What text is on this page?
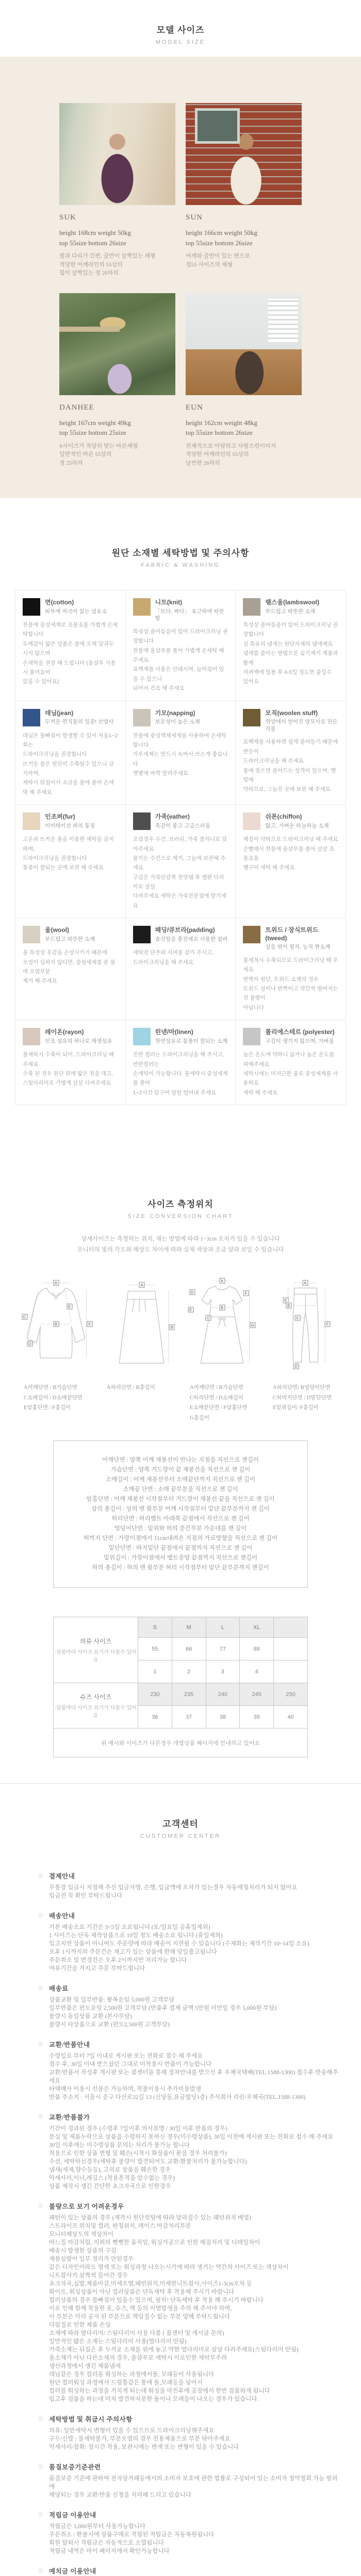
모델 사이즈
MODEL SIZE
SUK
height 168cm weight 50kg
top 55size bottom 26size
팔과 다리가 긴편, 골반이 살짝있는 체형
적당한 어깨라인의 55상의
힙이 살짝있는 정 26하의
SUN
height 166cm weight 50kg
top 55size bottom 26size
어깨와 골반이 있는 편으로
정55 사이즈의 체형
DANHEE
height 167cm weight 49kg
top 55size bottom 25size
S사이즈가 적당히 맞는 마른체형
일반적인 마른 55상의
정 25하의
EUN
height 162cm weight 48kg
top 55size bottom 26size
전체적으로 아담하고 사랑스런이미지
적당한 어깨라인의 55상의
날씬한 26하의
원단 소재별 세탁방법 및 주의사항
FABRIC & WASHING
면(cotton)
피부에 자극이 없는 섬유소
찬물에 중성세제로 조물조물 가볍게 손세탁합니다
두께감이 얇은 상품은 물에 오래 담궈두시지 않으며
손세탁을 권장 해 드립니다 (울샴푸 사용시 풀어듬이
있을 수 있어요)
니트(knit)
「뜨다, 짜다」 포근하며 따뜻함
특성상 줄어듬음이 있어 드라이크리닝 권장합니다
찬물에 울샴푸를 풀어 가볍게 손세탁 해주세요.
표백제를 사용은 안돼시며, 늘어짐이 있을 수 있으니
뉘어서 건조 해 주세요
램스울(lambswool)
부드럽고 따뜻한 소재
특성상 줄어듬음이 있어 드라이크리닝 권장합니다
실 특유의 냄새는 원단자체의 냄새예요
냄새를 줄이는 방법으론 습기제거 제품과 함께
지퍼백에 밀봉 후 4-5일 정도면 줄일수 있어요
데님(jean)
두꺼운 면직물의 일종! 선염사
데님은 물빠짐이 발생할 수 있어 처음1~2회는
드라이크리닝을 권장합니다
뜨거운 물은 원단이 수축될수 있으니 금지하며,
세탁시 뒤집어서 소금을 물에 풀어 손세탁 해 주세요
기모(napping)
보온성이 높은 소재
찬물에 중성액체세제를 사용하여 손세탁 합니다
가루세제는 반드시 녹여서 쓰는게 좋습니다
햇볕에 바짝 말려주세요
모직(woolen stuff)
면양에서 얻어진 양모사로 만든 직물
표백제를 사용하면 쉽게 줄어들기 때문에 반듯이
드라이크리닝을 해 주세요
물에 젖으면 줄어드는 성격이 있으며, 햇빛에
약하므로, 그늘진 곳에 보관 해 주세요
인조퍼(fur)
이미테이션 퍼의 통칭
고온과 뜨거운 물을 이용한 세탁을 금지하며,
드라이크리닝을 권장합니다
통풍이 잘되는 곳에 보관 해 주세요
가죽(eather)
촉감이 좋고 고급스러움
오염경우 수건, 브러쉬, 가죽 클리너로 닦아주세요
물기는 수건으로 제거, 그늘에 보관해 주세요
구김은 가죽안감쪽 천덧댐 후 엘판 다리미로 살살
다려주세요 세탁은 가죽전문점에 맡기세요
쉬폰(chiffon)
얇고, 가벼운 하늘하늘 소재
재질이 약하므로 드라이크리닝 해 주세요
손빨래시 찬물에 울샴푸를 풀어 살살 조물조물
헹구어 세탁 해 주세요
울(wool)
부드럽고 따뜻한 소재
울 특성상 옷감을 손상시키기 때문에
오염이 심하지 않다면, 중성세제를 푼 물에 오염부분
제거 해 주세요
패딩/큐브라(padding)
솜깃털을 충전재로 사용한 점퍼
세탁전 단추와 지퍼를 잠가 주시고,
드라이크리닝을 해 주세요
트위드 / 장식트위드(tweed)
실을 엮어 평직, 능직 짠소재
물세척시 수축되므로 드라이크리닝 해 주세요
반짝이 원단, 트위드 소재의 경우
트위드 실이나 반짝이고 약간씩 떨어지는건 불량이
아닙니다
레이온(rayon)
인조 섬유의 하나로 재생섬유
물세탁시 수축이 되어, 드라이크리닝 해 주세요
수축 된 경우 원단 위에 얇은 천을 대고,
스팀다리미로 가볍게 살살 다려주세요
린넨/마(linen)
천연섬유로 통풍이 잘되는 소재
진한 컬러는 드라이크리닝을 해 주시고, 연한컬러는
손세탁이 가능합니다. 물세탁시 중성세제를 풀어
1~2시간 담구어 털털 털어내 주세요
폴리에스테르 (polyester)
구김이 생기지 않으며, 가벼움
높은 온도에 약하니 삶거나 높은 온도를 피해주세요
세탁시에는 미지근한 물로 중성세제를 사용하요
세탁 해 주세요
사이즈 측정위치
SIZE CONVERSION CHART
상세사이즈는 측정하는 위치, 재는 방법에 따라 1~3cm 오차가 있을 수 있습니다
모니터의 빛의 각도와 해상도 차이에 따라 실제 색상과 조금 달라 보일 수 있습니다
A
C
B
E
F
D
A어깨단면 / B가슴단면
C소매길이 / D소매끝단면
E암홀단면 / F총길이
A
B
A허리단면 / B총길이
A
D	F
B
E
C
G
A어깨단면 / B가슴단면
C허리단면 / D소매길이
E소매끝단면 / F암홀단면
G총길이
A
E
B
C
F
D
A허리단면/ B엉덩이단면
C허벅지단면 / D밑단단면
E밑위길이/ F총길이
어깨단면 : 양쪽 어깨 재봉선이 만나는 지점을 직선으로 잰길이
가슴단면 : 양쪽 겨드랑이 끝 재봉선을 직선으로 잰 길이
소매길이 : 어깨 재봉선부터 소매끝단까지 직선으로 잰 길이
소매끝 단면 : 소매 끝부분을 직선으로 잰 길이
암홀단면 : 어깨 재봉선 시작점부터 겨드랑이 재봉선 끝을 직선으로 잰 길이
상의 총길이 : 상의 맨 윗부분 어깨 시작점부터 밑단 끝부분까지 잰 길이
허리단면 : 허리벨트 아래쪽 끝점에서 직선으로 잰 길이
엉덩이단면 : 밑위와 허의 중간부분 가운데를 잰 길이
허벅지 단면 : 가랑이점에서 11cm내려온 지점의 가로방향을 직선으로 잰 길이
밑단단면 : 바지밑단 끝점에서 끝점까지 직선으로 잰 길이
밑위길이 : 가랑이점에서 벨트중앙 끝점까지 직선으로 잰길이
하의 총길이 : 하의 맨 윗부분 허리 시작점부터 밑단 끝부분까지 잰길이
의류 사이즈
:상품마다 사이즈 표기가 다를수 있어요	S	M	L	XL	
	55	66	77	88	
	1	2	3	4	

슈즈 사이즈
:상품마다 사이즈 표기가 다를수 있어요	230	235	240	245	250
	36	37	38	39	40
위 예시와 사이즈가 다른경우 개별상품 페이지에 안내하고 있어요					
고객센터
CUSTOMER CENTER
◎ 결제안내
무통장 입금시 지정해 주신 입금자명, 은행, 입금액에 오차가 있는경우 자동매칭처리가 되지 않아요
입금전 꼭 확인 부탁드립니다
◎ 배송안내
기본 배송소요 기간은 3~5일 소요됩니다 (토/일요일 공휴일제외)
1 사이즈는 단독 제작상품으로 10일 정도 배송소요 됩니다 (휴일제외)
입고지연 상품이 아니여도 주문량에 따라 배송이 지연될 수 있습니다 (수제화는 제작기간 10~14일 소요)
오후 1시까지의 주문건은 재고가 있는 상품에 한해 당일출고됩니다
주문취소 및 변경건은 오후 2시까지만 처리가능 합니다
여유기간을 가지고 주문 부탁드립니다
◎ 배송료
상품교환 및 일부반품: 왕복운임 5,000원 고객부담
일부반품은 편도운임 2,500원 고객부담 (반품후 결제 금액 5만원 미만일 경우 5,000원 부담)
불량시 동일상품 교환 (본사부담)
불량시 타상품으로 교환 (편도2,500원 고객부담)
◎ 교환/반품안내
수령일로 부터 7일 이내로 게시판 또는 전화로 접수 해 주세요
접수 후, 30일 이내 받으셨던 그대로 미착용시 반품이 가능합니다
교환/반품서 작성후 게시판 또는 콜센터를 통해 절차안내를 받으신 후 우체국택배(TEL.1588-1300) 접수후 반송해주세요
타택배사 이용시 선불은 가능하며, 착불이용시 추가비용발생
반품 주소지 : 서울시 중구 다산로32길 13 (신당동,유금빌딩1층) 주식회사 리린/우체국(TEL.1588-1300)
◎ 교환/반품불가
기간이 경과된 경우 (수령후 7일이후 의사표명 / 30일 이후 반품의 경우)
분실 및 제품누락으로 상품을 수령하지 못하신 경우(미수령상품), 30일 이전에 게시판 또는 전화로 접수 해 주세요
30일 이후에는 미수령상품 문의는 처리가 불가능 합니다
착용으로 인한 상품 변형 및 훼손(시착시 화장품이 묻을 경우 처리불가)
수선, 세탁하신경우(세탁후 불량이 발견되어도 교환/환불처리가 불가능합니다)
냄새(세제,향수등등), 고의로 상품을 훼손한 경우
악세사리,이너,레깅스 (착용흔적을 알수없는 경우)
상품 제작시 생긴 간단한 초크자국으로 인한경우
◎ 불량으로 보기 어려운경우
패턴이 있는 상품의 경우 (제작시 원단컷팅에 따라 달라질수 있는 패턴위치 배열)
스트라이프 위치및 컬러, 펀칭위치, 레이스 마감처리부분
모니터해상도의 색상차이
바느질 마감처림, 지퍼의 뻣뻣한 움직임, 워싱가공으로 인한 헤짐처리 및 디테일차이
배송시 발생한 상품의 구김
재봉실밥이 일부 정리가 안된경우
같은 디자인이라도 염색 또는 워싱과정 나오는시기에 따라 생기는 약간의 사이즈 또는 색상차이
니트잡사가 살짝씩 들어간 경우
초크자국,실밥,제품마감,미세오염,패턴위치,미세한니트잡사,사이즈1-3cm오차 등
화이트, 워싱상품이 아닌 컬러상품은 단독세탁 후 착용해 주시기 바랍니다
컬러상품의 경우 물빠짐이 있을수 있으며, 필히! 단독세탁 후 착용 해 주시기 바랍니다
이로 인해 함께 착용한 옷, 슈즈, 백 등의 이염발생을 주의 해 주셔야 하며,
이 부분은 미리 공지 된 부분으로 책임질수 없는 부분 양해 부탁드립니다
다림질로 인한 제품 손상
소재에 따라 열다리미/ 스팀다리미 사용 다름 ( 콜센터 및 게시글 문의)
일반적인 얇은 소재는 스팀다리미 사용(열다리미 안됨)
가죽소재는 뒤집은 후 두꺼운 소재를 위에 놓고 약한 열다리미로 살살 다려주세요(스팀다리미 안됨)
울소재가 아닌 다른소재의 경우, 울샴푸로 세탁시 이로인한 세탁부주의
생산과정에서 생긴 제품냄새
데님같은 경우 컬러를 워싱하는 과정에서돌, 모래등이 사용됩니다
원단 컬러워싱 과정에서 드럼통같은 통에 돌,모래등을 넣어서
컬러를 워싱하는 과정을 거치게 되는데 워싱을 마친후에 공장에서 한번 검품하게 됩니다
입고후 검품을 하는데 미처 발견하지못한 돌이나 모레들이 나오는 경우가 있습니다.
◎ 세탁방법 및 취급시 주의사항
의류: 일반세탁시 변형이 있을 수 있으므로 드라이크리닝해주세요
구두/신발 : 물세탁불가, 부분오염의 경우 전용제품으로 부분 닦아주세요
악세사리/잡화: 장시간 착용, 보관시에는 변색 또는 변형이 있을 수 있습니다
◎ 품질보증기준관련
품질보증 기준에 관하여 전자상거래등에서의 소비자 보호에 관한 법률로 구성되어 있는 소비자 청약철회 가능 범위에
해당되는 경우 교환/반품 신청을 처리해 드리고 있습니다
◎ 적립금 이용안내
적립금은 3,000원부터 사용가능합니다
주문취소 / 환불시에 상품구매로 적립된 적립금은 자동복원됩니다
회원 탈퇴시 적립금은 자동적으로 소멸됩니다
적립금 내역은 마이 페이지에서 확인가능합니다
◎ 예치금 이용안내
